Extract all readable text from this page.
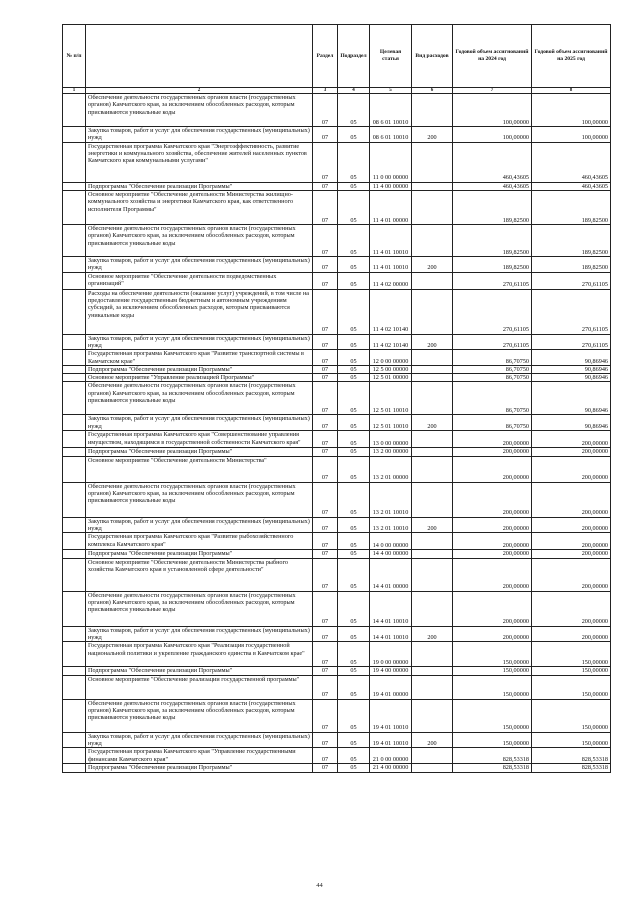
№ п/п		Раздел	Подраздел	Целевая статья	Вид расходов	Годовой объем ассигнований на 2024 год	Годовой объем ассигнований на 2025 год
1	2	3	4	5	6	7	8
	Обеспечение деятельности государственных органов власти (государственных органов) Камчатского края, за исключением обособленных расходов, которым присваиваются уникальные коды	07	05	08 6 01 10010		100,00000	100,00000
	Закупка товаров, работ и услуг для обеспечения государственных (муниципальных) нужд	07	05	08 6 01 10010	200	100,00000	100,00000
	Государственная программа Камчатского края "Энергоэффективность, развитие энергетики и коммунального хозяйства, обеспечение жителей населенных пунктов Камчатского края коммунальными услугами"	07	05	11 0 00 00000		460,43605	460,43605
	Подпрограмма "Обеспечение реализации Программы"	07	05	11 4 00 00000		460,43605	460,43605
	Основное мероприятие "Обеспечение деятельности Министерства жилищно-коммунального хозяйства и энергетики Камчатского края, как ответственного исполнителя Программы"	07	05	11 4 01 00000		189,82500	189,82500
	Обеспечение деятельности государственных органов власти (государственных органов) Камчатского края, за исключением обособленных расходов, которым присваиваются уникальные коды	07	05	11 4 01 10010		189,82500	189,82500
	Закупка товаров, работ и услуг для обеспечения государственных (муниципальных) нужд	07	05	11 4 01 10010	200	189,82500	189,82500
	Основное мероприятие "Обеспечение деятельности подведомственных организаций"	07	05	11 4 02 00000		270,61105	270,61105
	Расходы на обеспечение деятельности (оказание услуг) учреждений, в том числе на предоставление государственным бюджетным и автономным учреждениям субсидий, за исключением обособленных расходов, которым присваиваются уникальные коды	07	05	11 4 02 10140		270,61105	270,61105
	Закупка товаров, работ и услуг для обеспечения государственных (муниципальных) нужд	07	05	11 4 02 10140	200	270,61105	270,61105
	Государственная программа Камчатского края "Развитие транспортной системы в Камчатском крае"	07	05	12 0 00 00000		86,70750	90,86946
	Подпрограмма "Обеспечение реализации Программы"	07	05	12 5 00 00000		86,70750	90,86946
	Основное мероприятие "Управление реализацией Программы"	07	05	12 5 01 00000		86,70750	90,86946
	Обеспечение деятельности государственных органов власти (государственных органов) Камчатского края, за исключением обособленных расходов, которым присваиваются уникальные коды	07	05	12 5 01 10010		86,70750	90,86946
	Закупка товаров, работ и услуг для обеспечения государственных (муниципальных) нужд	07	05	12 5 01 10010	200	86,70750	90,86946
	Государственная программа Камчатского края "Совершенствование управления имуществом, находящимся в государственной собственности Камчатского края"	07	05	13 0 00 00000		200,00000	200,00000
	Подпрограмма "Обеспечение реализации Программы"	07	05	13 2 00 00000		200,00000	200,00000
	Основное мероприятие "Обеспечение деятельности Министерства"	07	05	13 2 01 00000		200,00000	200,00000
	Обеспечение деятельности государственных органов власти (государственных органов) Камчатского края, за исключением обособленных расходов, которым присваиваются уникальные коды	07	05	13 2 01 10010		200,00000	200,00000
	Закупка товаров, работ и услуг для обеспечения государственных (муниципальных) нужд	07	05	13 2 01 10010	200	200,00000	200,00000
	Государственная программа Камчатского края "Развитие рыбохозяйственного комплекса Камчатского края"	07	05	14 0 00 00000		200,00000	200,00000
	Подпрограмма "Обеспечение реализации Программы"	07	05	14 4 00 00000		200,00000	200,00000
	Основное мероприятие "Обеспечение деятельности Министерства рыбного хозяйства Камчатского края в установленной сфере деятельности"	07	05	14 4 01 00000		200,00000	200,00000
	Обеспечение деятельности государственных органов власти (государственных органов) Камчатского края, за исключением обособленных расходов, которым присваиваются уникальные коды	07	05	14 4 01 10010		200,00000	200,00000
	Закупка товаров, работ и услуг для обеспечения государственных (муниципальных) нужд	07	05	14 4 01 10010	200	200,00000	200,00000
	Государственная программа Камчатского края "Реализация государственной национальной политики и укрепление гражданского единства в Камчатском крае"	07	05	19 0 00 00000		150,00000	150,00000
	Подпрограмма "Обеспечение реализации Программы"	07	05	19 4 00 00000		150,00000	150,00000
	Основное мероприятие "Обеспечение реализации государственной программы"	07	05	19 4 01 00000		150,00000	150,00000
	Обеспечение деятельности государственных органов власти (государственных органов) Камчатского края, за исключением обособленных расходов, которым присваиваются уникальные коды	07	05	19 4 01 10010		150,00000	150,00000
	Закупка товаров, работ и услуг для обеспечения государственных (муниципальных) нужд	07	05	19 4 01 10010	200	150,00000	150,00000
	Государственная программа Камчатского края "Управление государственными финансами Камчатского края"	07	05	21 0 00 00000		828,53318	828,53318
	Подпрограмма "Обеспечение реализации Программы"	07	05	21 4 00 00000		828,53318	828,53318
44
